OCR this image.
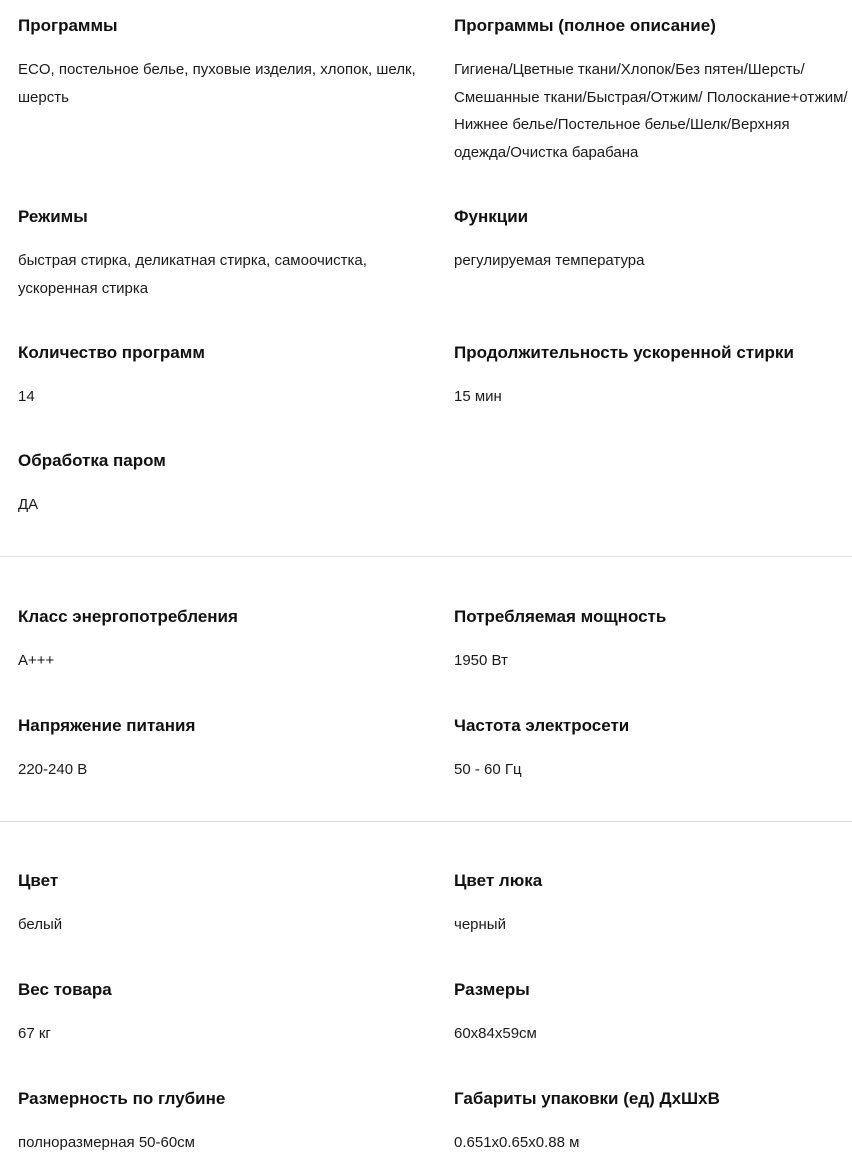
Программы
ECO, постельное белье, пуховые изделия, хлопок, шелк, шерсть
Программы (полное описание)
Гигиена/Цветные ткани/Хлопок/Без пятен/Шерсть/ Смешанные ткани/Быстрая/Отжим/ Полоскание+отжим/Нижнее белье/Постельное белье/Шелк/Верхняя одежда/Очистка барабана
Режимы
быстрая стирка, деликатная стирка, самоочистка, ускоренная стирка
Функции
регулируемая температура
Количество программ
14
Продолжительность ускоренной стирки
15 мин
Обработка паром
ДА
Класс энергопотребления
A+++
Потребляемая мощность
1950 Вт
Напряжение питания
220-240 В
Частота электросети
50 - 60 Гц
Цвет
белый
Цвет люка
черный
Вес товара
67 кг
Размеры
60x84x59см
Размерность по глубине
полноразмерная 50-60см
Габариты упаковки (ед) ДхШхВ
0.651x0.65x0.88 м
